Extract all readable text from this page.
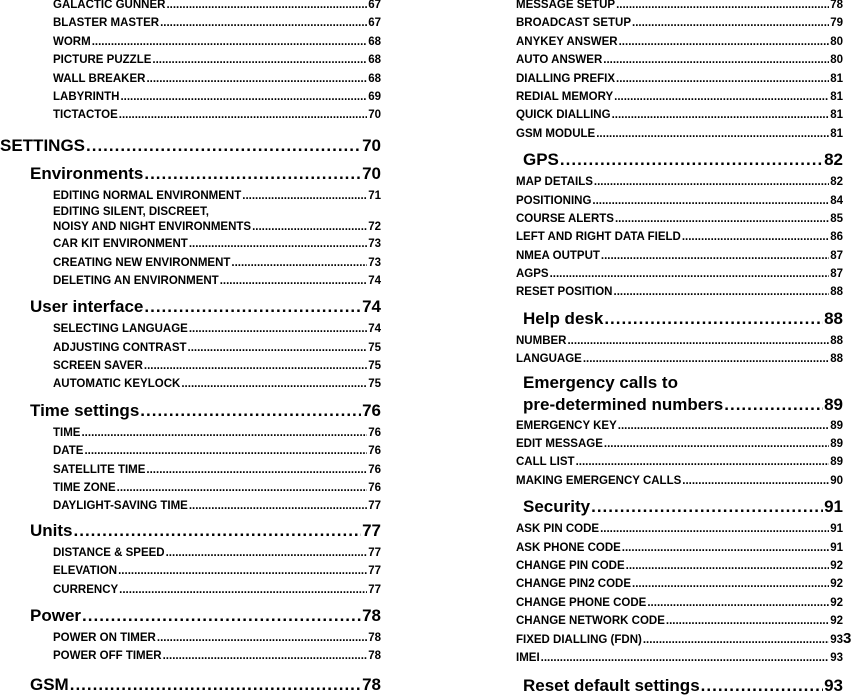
GALACTIC GUNNER .....	67
BLASTER MASTER .....	67
WORM .....	68
PICTURE PUZZLE .....	68
WALL BREAKER .....	68
LABYRINTH .....	69
TICTACTOE .....	70
SETTINGS .....	70
Environments .....	70
EDITING NORMAL ENVIRONMENT .....	71
EDITING SILENT, DISCREET,
NOISY AND NIGHT ENVIRONMENTS .....	72
CAR KIT ENVIRONMENT .....	73
CREATING NEW ENVIRONMENT .....	73
DELETING AN ENVIRONMENT .....	74
User interface .....	74
SELECTING LANGUAGE .....	74
ADJUSTING CONTRAST .....	75
SCREEN SAVER .....	75
AUTOMATIC KEYLOCK .....	75
Time settings .....	76
TIME .....	76
DATE .....	76
SATELLITE TIME .....	76
TIME ZONE .....	76
DAYLIGHT-SAVING TIME .....	77
Units .....	77
DISTANCE & SPEED .....	77
ELEVATION .....	77
CURRENCY .....	77
Power .....	78
POWER ON TIMER .....	78
POWER OFF TIMER .....	78
GSM .....	78
MESSAGE SETUP .....	78
BROADCAST SETUP .....	79
ANYKEY ANSWER .....	80
AUTO ANSWER .....	80
DIALLING PREFIX .....	81
REDIAL MEMORY .....	81
QUICK DIALLING .....	81
GSM MODULE .....	81
GPS .....	82
MAP DETAILS .....	82
POSITIONING .....	84
COURSE ALERTS .....	85
LEFT AND RIGHT DATA FIELD .....	86
NMEA OUTPUT .....	87
AGPS .....	87
RESET POSITION .....	88
Help desk .....	88
NUMBER .....	88
LANGUAGE .....	88
Emergency calls to
pre-determined numbers .....	89
EMERGENCY KEY .....	89
EDIT MESSAGE .....	89
CALL LIST .....	89
MAKING EMERGENCY CALLS .....	90
Security .....	91
ASK PIN CODE .....	91
ASK PHONE CODE .....	91
CHANGE PIN CODE .....	92
CHANGE PIN2 CODE .....	92
CHANGE PHONE CODE .....	92
CHANGE NETWORK CODE .....	92
FIXED DIALLING (FDN) .....	93
IMEI .....	93
Reset default settings .....	93
3
